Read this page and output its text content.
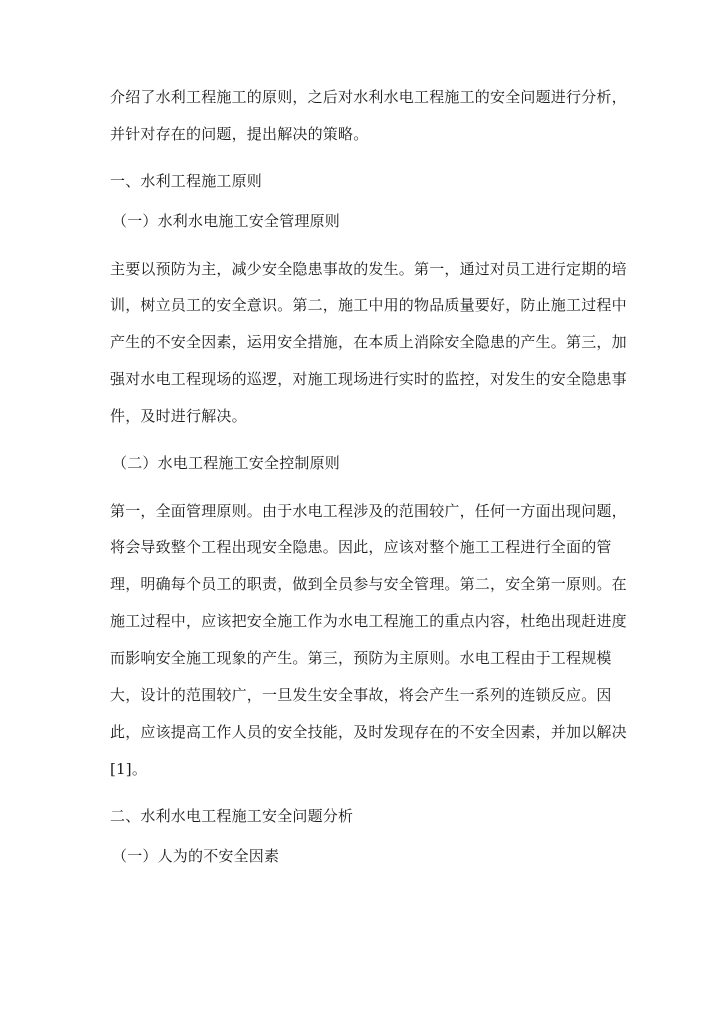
介绍了水利工程施工的原则，之后对水利水电工程施工的安全问题进行分析，
并针对存在的问题，提出解决的策略。
一、水利工程施工原则
（一）水利水电施工安全管理原则
主要以预防为主，减少安全隐患事故的发生。第一，通过对员工进行定期的培
训，树立员工的安全意识。第二，施工中用的物品质量要好，防止施工过程中
产生的不安全因素，运用安全措施，在本质上消除安全隐患的产生。第三，加
强对水电工程现场的巡逻，对施工现场进行实时的监控，对发生的安全隐患事
件，及时进行解决。
（二）水电工程施工安全控制原则
第一，全面管理原则。由于水电工程涉及的范围较广，任何一方面出现问题，
将会导致整个工程出现安全隐患。因此，应该对整个施工工程进行全面的管
理，明确每个员工的职责，做到全员参与安全管理。第二，安全第一原则。在
施工过程中，应该把安全施工作为水电工程施工的重点内容，杜绝出现赶进度
而影响安全施工现象的产生。第三，预防为主原则。水电工程由于工程规模
大，设计的范围较广，一旦发生安全事故，将会产生一系列的连锁反应。因
此，应该提高工作人员的安全技能，及时发现存在的不安全因素，并加以解决
[1]。
二、水利水电工程施工安全问题分析
（一）人为的不安全因素
